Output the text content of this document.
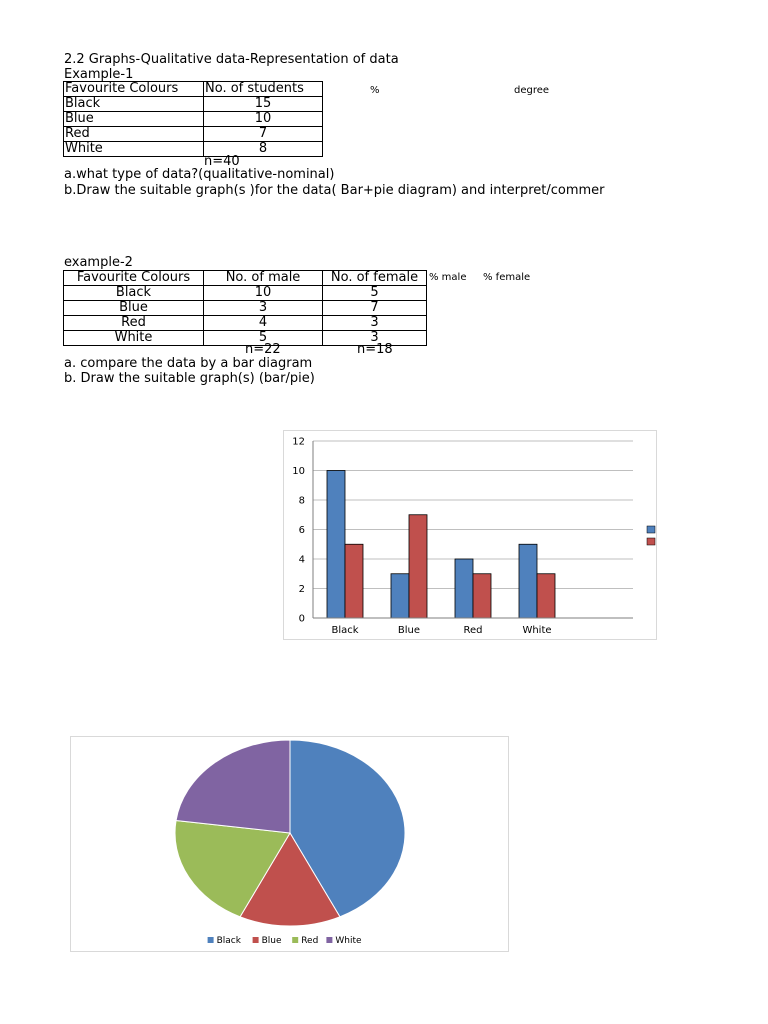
2.2 Graphs-Qualitative data-Representation of data
Example-1
Favourite Colours	No. of students
Black	15
Blue	10
Red	7
White	8
%	degree
n=40
a.what type of data?(qualitative-nominal)
b.Draw the suitable graph(s )for the data( Bar+pie diagram) and interpret/commer
example-2
Favourite Colours	No. of male	No. of female
Black	10	5
Blue	3	7
Red	4	3
White	5	3
% male % female
n=22	n=18
a. compare the data by a bar diagram
b. Draw the suitable graph(s) (bar/pie)
0
2
4
6
8
10
12
Black	Blue	Red	White
Black Blue Red White
